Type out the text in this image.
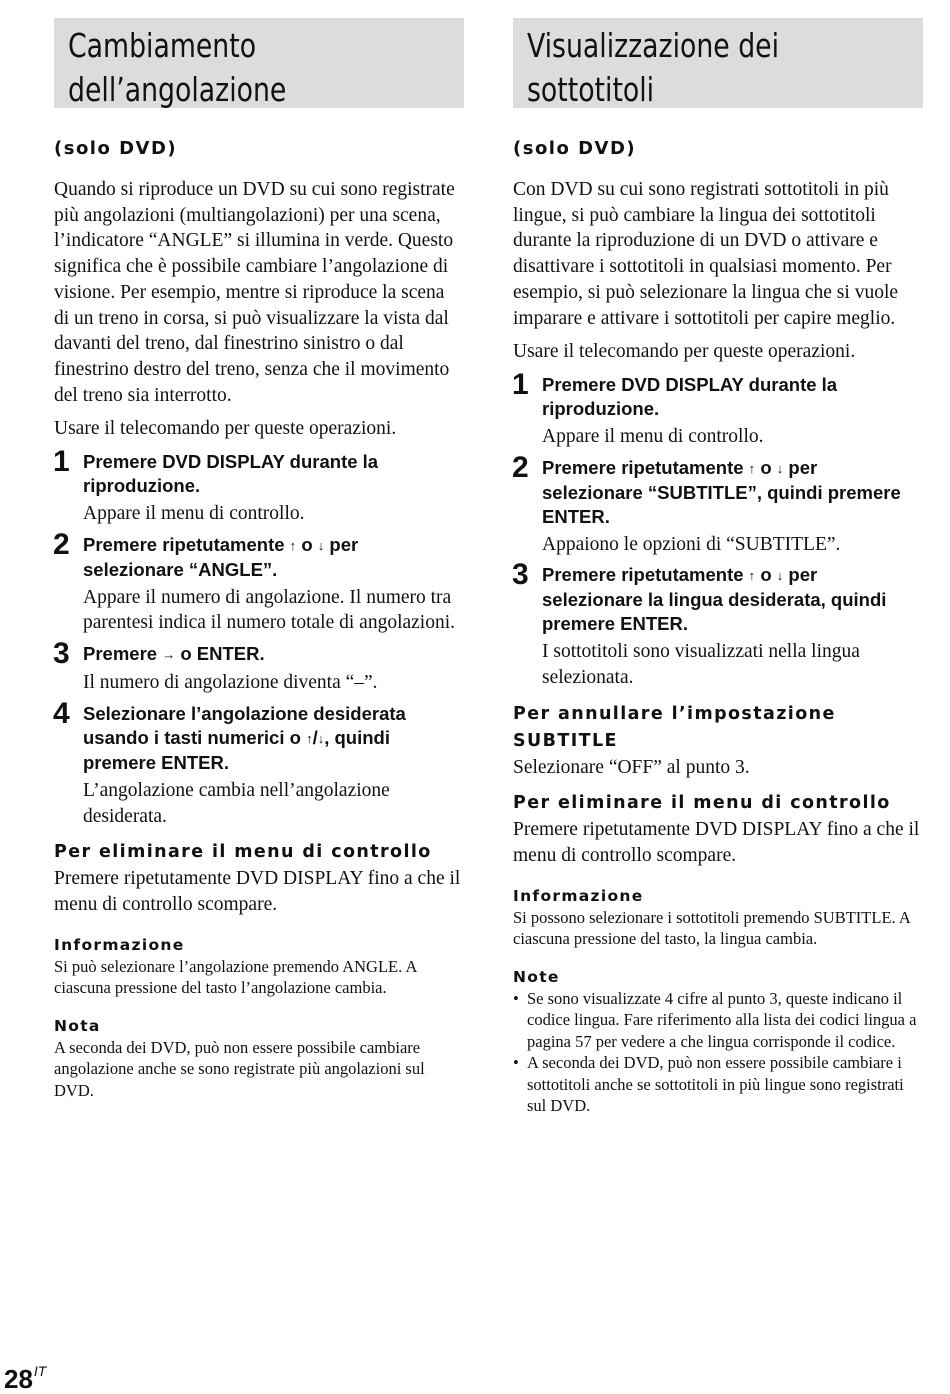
Cambiamento
dell’angolazione
(solo DVD)

Quando si riproduce un DVD su cui sono registrate più angolazioni (multiangolazioni) per una scena, l’indicatore “ANGLE” si illumina in verde. Questo significa che è possibile cambiare l’angolazione di visione. Per esempio, mentre si riproduce la scena di un treno in corsa, si può visualizzare la vista dal davanti del treno, dal finestrino sinistro o dal finestrino destro del treno, senza che il movimento del treno sia interrotto.

Usare il telecomando per queste operazioni.

1 Premere DVD DISPLAY durante la riproduzione.
Appare il menu di controllo.
2 Premere ripetutamente ↑ o ↓ per selezionare “ANGLE”.
Appare il numero di angolazione. Il numero tra parentesi indica il numero totale di angolazioni.
3 Premere → o ENTER.
Il numero di angolazione diventa “–”.
4 Selezionare l’angolazione desiderata usando i tasti numerici o ↑/↓, quindi premere ENTER.
L’angolazione cambia nell’angolazione desiderata.
Per eliminare il menu di controllo

Premere ripetutamente DVD DISPLAY fino a che il menu di controllo scompare.

Informazione
Si può selezionare l’angolazione premendo ANGLE. A ciascuna pressione del tasto l’angolazione cambia.
Nota
A seconda dei DVD, può non essere possibile cambiare angolazione anche se sono registrate più angolazioni sul DVD.
Visualizzazione dei
sottotitoli
(solo DVD)

Con DVD su cui sono registrati sottotitoli in più lingue, si può cambiare la lingua dei sottotitoli durante la riproduzione di un DVD o attivare e disattivare i sottotitoli in qualsiasi momento. Per esempio, si può selezionare la lingua che si vuole imparare e attivare i sottotitoli per capire meglio.

Usare il telecomando per queste operazioni.

1 Premere DVD DISPLAY durante la riproduzione.
Appare il menu di controllo.
2 Premere ripetutamente ↑ o ↓ per selezionare “SUBTITLE”, quindi premere ENTER.
Appaiono le opzioni di “SUBTITLE”.
3 Premere ripetutamente ↑ o ↓ per selezionare la lingua desiderata, quindi premere ENTER.
I sottotitoli sono visualizzati nella lingua selezionata.
Per annullare l’impostazione SUBTITLE

Selezionare “OFF” al punto 3.

Per eliminare il menu di controllo

Premere ripetutamente DVD DISPLAY fino a che il menu di controllo scompare.

Informazione
Si possono selezionare i sottotitoli premendo SUBTITLE. A ciascuna pressione del tasto, la lingua cambia.
Note
• Se sono visualizzate 4 cifre al punto 3, queste indicano il codice lingua. Fare riferimento alla lista dei codici lingua a pagina 57 per vedere a che lingua corrisponde il codice.
• A seconda dei DVD, può non essere possibile cambiare i sottotitoli anche se sottotitoli in più lingue sono registrati sul DVD.
$28^{IT}$
